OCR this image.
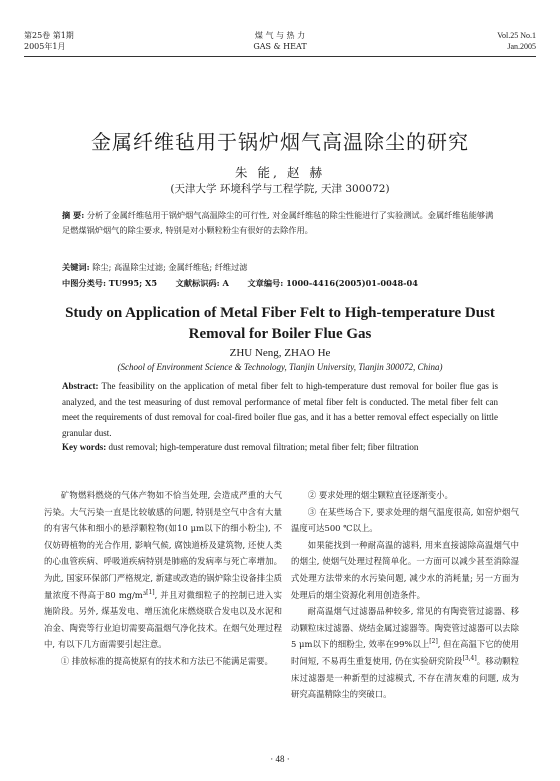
第25卷 第1期
2005年1月
煤 气 与 热 力
GAS & HEAT
Vol.25 No.1
Jan.2005
金属纤维毡用于锅炉烟气高温除尘的研究
朱 能, 赵 赫
(天津大学 环境科学与工程学院, 天津 300072)
摘 要: 分析了金属纤维毡用于锅炉烟气高温除尘的可行性, 对金属纤维毡的除尘性能进行了实验测试。金属纤维毡能够满足燃煤锅炉烟气的除尘要求, 特别是对小颗粒粉尘有很好的去除作用。
关键词: 除尘; 高温除尘过滤; 金属纤维毡; 纤维过滤
中图分类号: TU995; X5 文献标识码: A 文章编号: 1000-4416(2005)01-0048-04
Study on Application of Metal Fiber Felt to High-temperature Dust Removal for Boiler Flue Gas
ZHU Neng, ZHAO He
(School of Environment Science & Technology, Tianjin University, Tianjin 300072, China)
Abstract: The feasibility on the application of metal fiber felt to high-temperature dust removal for boiler flue gas is analyzed, and the test measuring of dust removal performance of metal fiber felt is conducted. The metal fiber felt can meet the requirements of dust removal for coal-fired boiler flue gas, and it has a better removal effect especially on little granular dust.
Key words: dust removal; high-temperature dust removal filtration; metal fiber felt; fiber filtration

矿物燃料燃烧的气体产物如不恰当处理, 会造成严重的大气污染。大气污染一直是比较敏感的问题, 特别是空气中含有大量的有害气体和细小的悬浮颗粒物(如10 μm以下的细小粉尘), 不仅妨碍植物的光合作用, 影响气候, 腐蚀道桥及建筑物, 还使人类的心血管疾病、呼吸道疾病特别是肺癌的发病率与死亡率增加。为此, 国家环保部门严格规定, 新建或改造的锅炉除尘设备排尘质量浓度不得高于80 mg/m³[1], 并且对微细粒子的控制已进入实施阶段。另外, 煤基发电、增压流化床燃烧联合发电以及水泥和冶金、陶瓷等行业迫切需要高温烟气净化技术。在烟气处理过程中, 有以下几方面需要引起注意。

① 排放标准的提高使原有的技术和方法已不能满足需要。

② 要求处理的烟尘颗粒直径逐渐变小。

③ 在某些场合下, 要求处理的烟气温度很高, 如窑炉烟气温度可达500 ℃以上。

如果能找到一种耐高温的滤料, 用来直接滤除高温烟气中的烟尘, 使烟气处理过程简单化。一方面可以减少甚至消除湿式处理方法带来的水污染问题, 减少水的消耗量; 另一方面为处理后的烟尘资源化利用创造条件。

耐高温烟气过滤器品种较多, 常见的有陶瓷管过滤器、移动颗粒床过滤器、烧结金属过滤器等。陶瓷管过滤器可以去除5 μm以下的细粉尘, 效率在99%以上[2], 但在高温下它的使用时间短, 不易再生重复使用, 仍在实验研究阶段[3,4]。移动颗粒床过滤器是一种新型的过滤模式, 不存在清灰难的问题, 成为研究高温精除尘的突破口。

· 48 ·
